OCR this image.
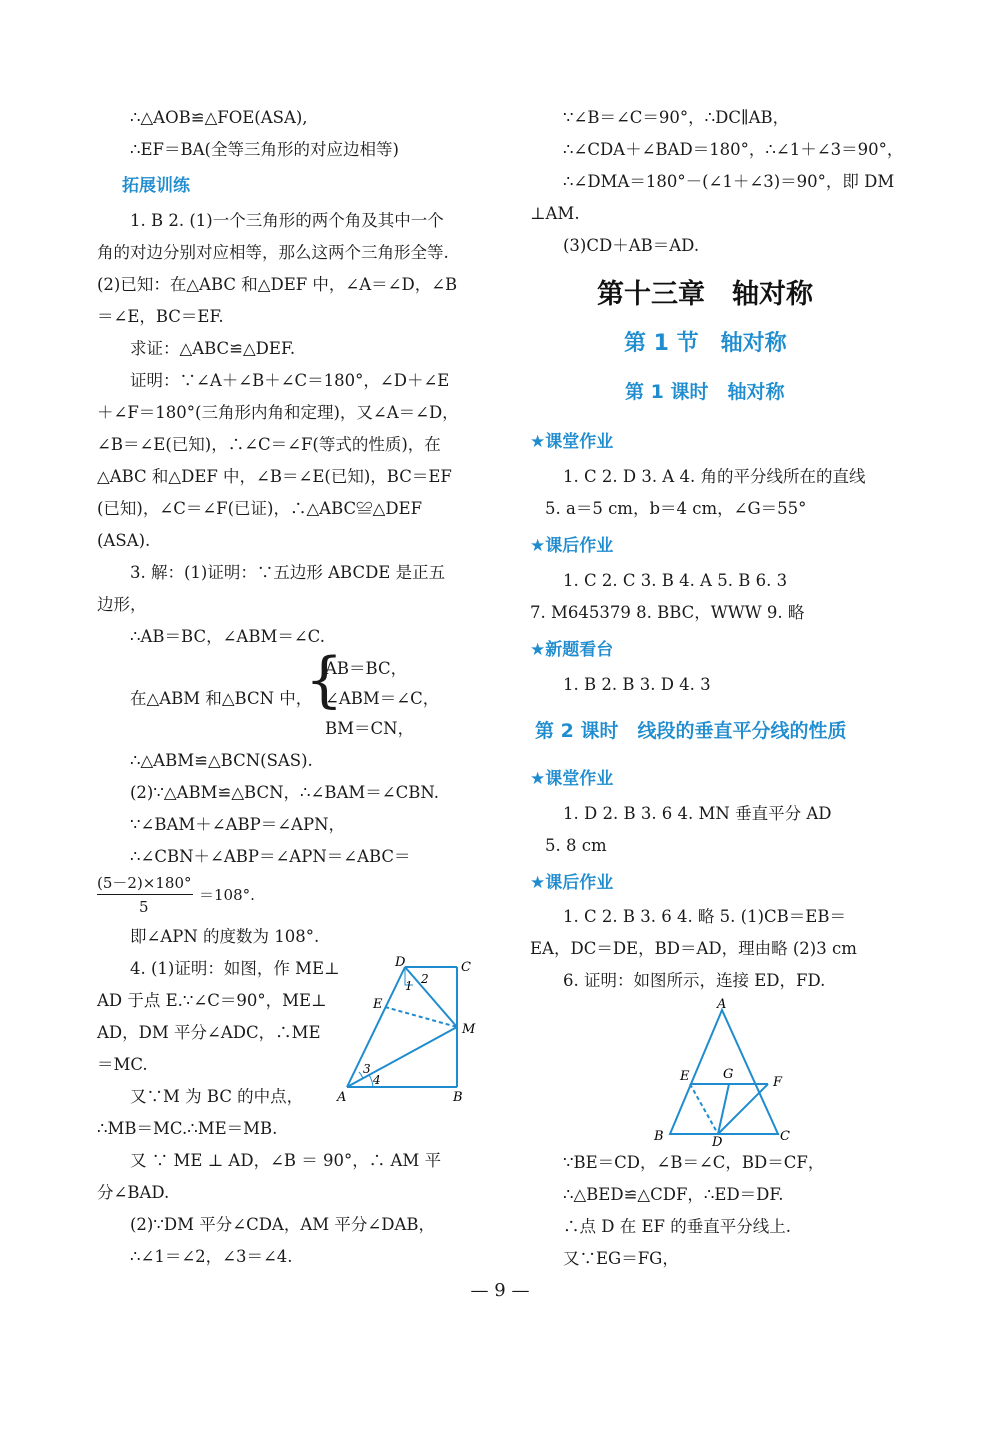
∴△AOB≌△FOE(ASA),
∴EF＝BA(全等三角形的对应边相等)
拓展训练
1. B 2. (1)一个三角形的两个角及其中一个
角的对边分别对应相等，那么这两个三角形全等.
(2)已知：在△ABC 和△DEF 中，∠A＝∠D，∠B
＝∠E，BC＝EF.
求证：△ABC≌△DEF.
证明：∵∠A＋∠B＋∠C＝180°，∠D＋∠E
＋∠F＝180°(三角形内角和定理)，又∠A＝∠D，
∠B＝∠E(已知)，∴∠C＝∠F(等式的性质)，在
△ABC 和△DEF 中，∠B＝∠E(已知)，BC＝EF
(已知)，∠C＝∠F(已证)，∴△ABC≌△DEF
(ASA).
3. 解：(1)证明：∵五边形 ABCDE 是正五
边形，
∴AB＝BC，∠ABM＝∠C.
在△ABM 和△BCN 中，
{
AB＝BC，
∠ABM＝∠C，
BM＝CN，
∴△ABM≌△BCN(SAS).
(2)∵△ABM≌△BCN，∴∠BAM＝∠CBN.
∵∠BAM＋∠ABP＝∠APN，
∴∠CBN＋∠ABP＝∠APN＝∠ABC＝
(5－2)×180°
5
＝108°.
即∠APN 的度数为 108°.
4. (1)证明：如图，作 ME⊥
AD 于点 E.∵∠C＝90°，ME⊥
AD，DM 平分∠ADC，∴ME
＝MC.
又∵M 为 BC 的中点，
∴MB＝MC.∴ME＝MB.
又 ∵ ME ⊥ AD，∠B ＝ 90°，∴ AM 平
分∠BAD.
(2)∵DM 平分∠CDA，AM 平分∠DAB，
∴∠1＝∠2，∠3＝∠4.
D	C
E
M
A	B
1 2
3
4
∵∠B＝∠C＝90°，∴DC∥AB，
∴∠CDA＋∠BAD＝180°，∴∠1＋∠3＝90°，
∴∠DMA＝180°－(∠1＋∠3)＝90°，即 DM
⊥AM.
(3)CD＋AB＝AD.
第十三章　轴对称
第 1 节　轴对称
第 1 课时　轴对称
★课堂作业
1. C 2. D 3. A 4. 角的平分线所在的直线
5. a＝5 cm，b＝4 cm，∠G＝55°
★课后作业
1. C 2. C 3. B 4. A 5. B 6. 3
7. M645379 8. BBC，WWW 9. 略
★新题看台
1. B 2. B 3. D 4. 3
第 2 课时　线段的垂直平分线的性质
★课堂作业
1. D 2. B 3. 6 4. MN 垂直平分 AD
5. 8 cm
★课后作业
1. C 2. B 3. 6 4. 略 5. (1)CB＝EB＝
EA，DC＝DE，BD＝AD，理由略 (2)3 cm
6. 证明：如图所示，连接 ED，FD.
A
E	G
F
B	D	C
∵BE＝CD，∠B＝∠C，BD＝CF，
∴△BED≌△CDF，∴ED＝DF.
∴点 D 在 EF 的垂直平分线上.
又∵EG＝FG，
— 9 —
